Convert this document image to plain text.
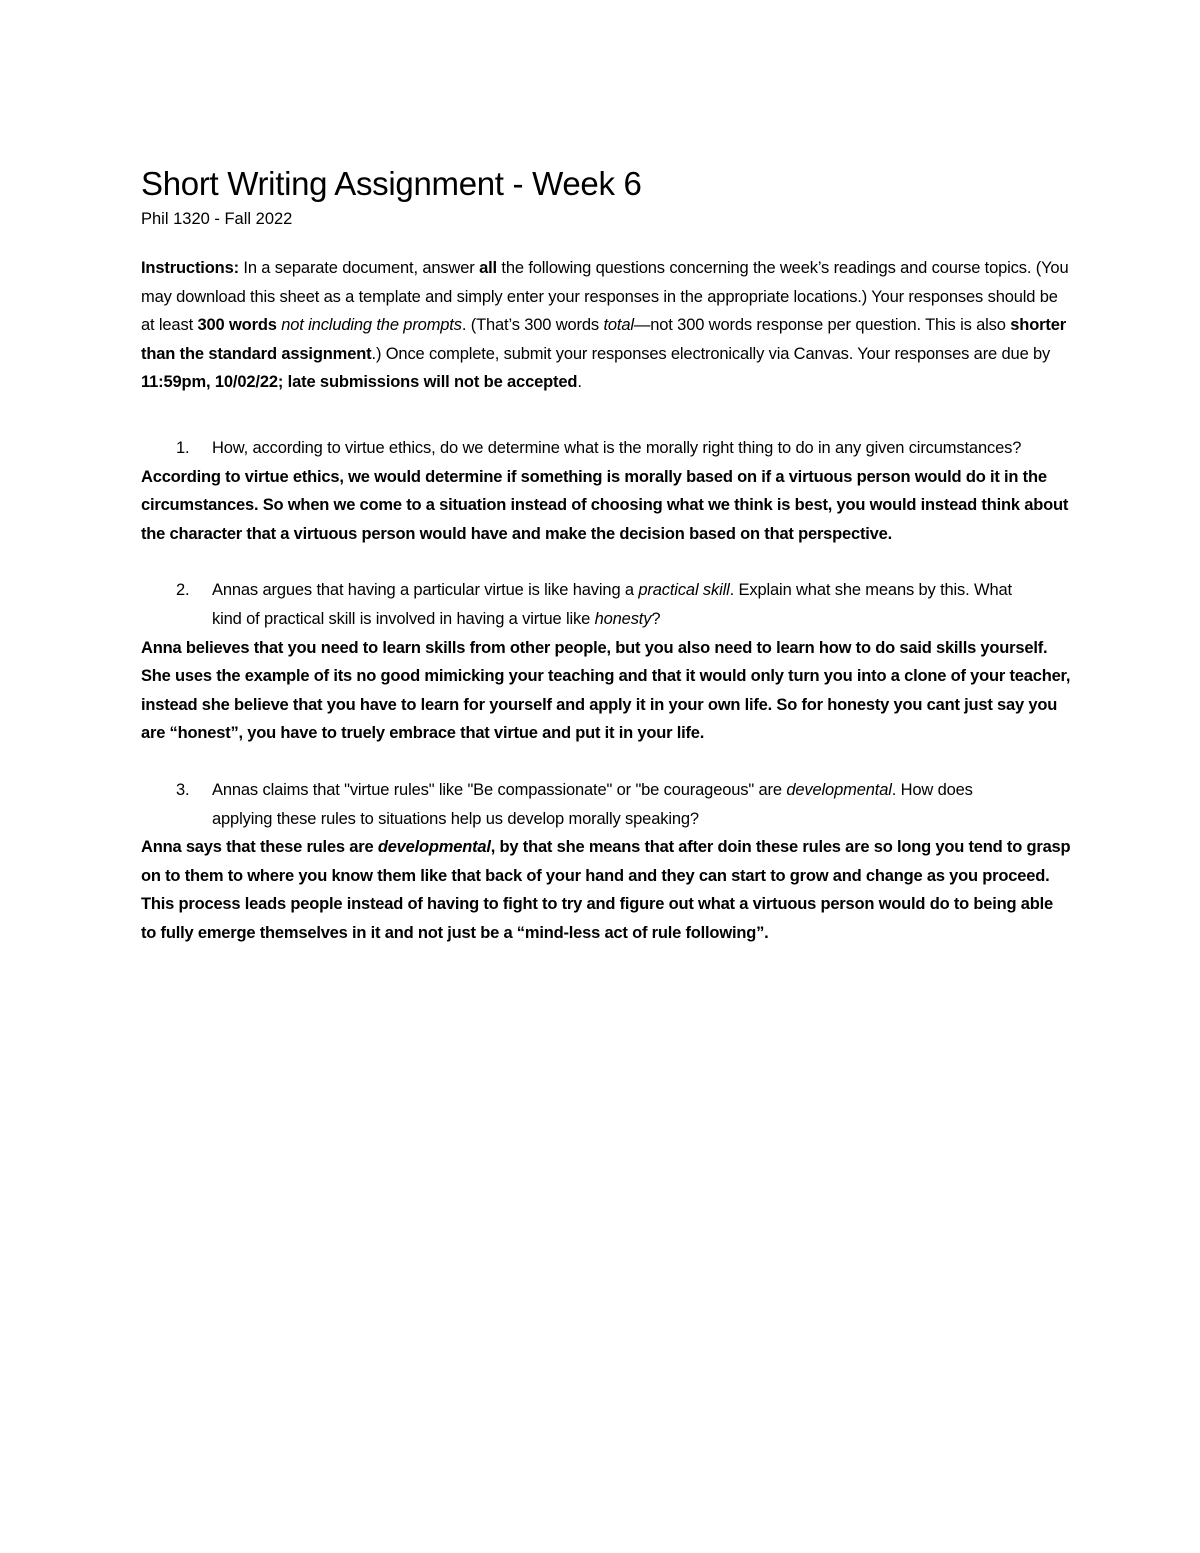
Short Writing Assignment - Week 6

Phil 1320 - Fall 2022

Instructions: In a separate document, answer all the following questions concerning the week’s readings and course topics. (You may download this sheet as a template and simply enter your responses in the appropriate locations.) Your responses should be at least 300 words not including the prompts. (That’s 300 words total—not 300 words response per question. This is also shorter than the standard assignment.) Once complete, submit your responses electronically via Canvas. Your responses are due by 11:59pm, 10/02/22; late submissions will not be accepted.

1.	How, according to virtue ethics, do we determine what is the morally right thing to do in any given circumstances?

According to virtue ethics, we would determine if something is morally based on if a virtuous person would do it in the circumstances. So when we come to a situation instead of choosing what we think is best, you would instead think about the character that a virtuous person would have and make the decision based on that perspective.

2.	Annas argues that having a particular virtue is like having a practical skill. Explain what she means by this. What kind of practical skill is involved in having a virtue like honesty?

Anna believes that you need to learn skills from other people, but you also need to learn how to do said skills yourself. She uses the example of its no good mimicking your teaching and that it would only turn you into a clone of your teacher, instead she believe that you have to learn for yourself and apply it in your own life. So for honesty you cant just say you are “honest”, you have to truely embrace that virtue and put it in your life.

3.	Annas claims that "virtue rules" like "Be compassionate" or "be courageous" are developmental. How does applying these rules to situations help us develop morally speaking?

Anna says that these rules are developmental, by that she means that after doin these rules are so long you tend to grasp on to them to where you know them like that back of your hand and they can start to grow and change as you proceed. This process leads people instead of having to fight to try and figure out what a virtuous person would do to being able to fully emerge themselves in it and not just be a “mind-less act of rule following”.
